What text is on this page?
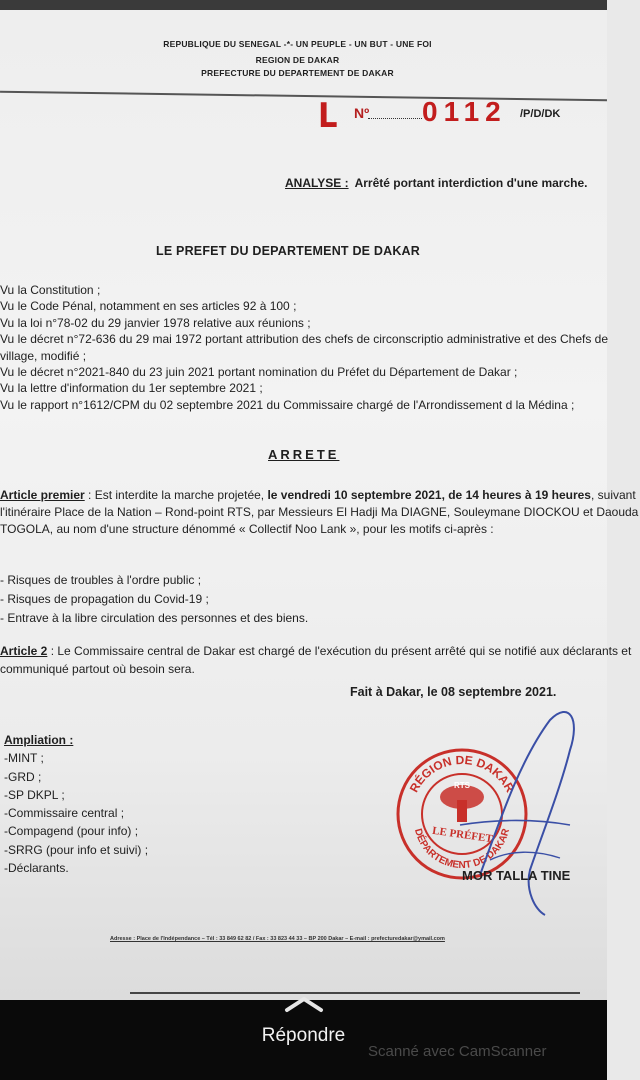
REPUBLIQUE DU SENEGAL -*- UN PEUPLE - UN BUT - UNE FOI
REGION DE DAKAR
PREFECTURE DU DEPARTEMENT DE DAKAR
L Nº 0112 /P/D/DK
ANALYSE : Arrêté portant interdiction d'une marche.
LE PREFET DU DEPARTEMENT DE DAKAR
Vu la Constitution ;
Vu le Code Pénal, notamment en ses articles 92 à 100 ;
Vu la loi n°78-02 du 29 janvier 1978 relative aux réunions ;
Vu le décret n°72-636 du 29 mai 1972 portant attribution des chefs de circonscriptio administrative et des Chefs de village, modifié ;
Vu le décret n°2021-840 du 23 juin 2021 portant nomination du Préfet du Département de Dakar ;
Vu la lettre d'information du 1er septembre 2021 ;
Vu le rapport n°1612/CPM du 02 septembre 2021 du Commissaire chargé de l'Arrondissement d la Médina ;
ARRETE
Article premier : Est interdite la marche projetée, le vendredi 10 septembre 2021, de 14 heures à 19 heures, suivant l'itinéraire Place de la Nation – Rond-point RTS, par Messieurs El Hadji Ma DIAGNE, Souleymane DIOCKOU et Daouda TOGOLA, au nom d'une structure dénommé « Collectif Noo Lank », pour les motifs ci-après :
- Risques de troubles à l'ordre public ;
- Risques de propagation du Covid-19 ;
- Entrave à la libre circulation des personnes et des biens.
Article 2 : Le Commissaire central de Dakar est chargé de l'exécution du présent arrêté qui se notifié aux déclarants et communiqué partout où besoin sera.
Fait à Dakar, le 08 septembre 2021.
Ampliation :
-MINT ;
-GRD ;
-SP DKPL ;
-Commissaire central ;
-Compagend (pour info) ;
-SRRG (pour info et suivi) ;
-Déclarants.
RÉGION DE DAKAR
DÉPARTEMENT DE DAKAR
RTS
LE PRÉFET
MOR TALLA TINE
Adresse : Place de l'Indépendance – Tél : 33 849 62 82 / Fax : 33 823 44 33 – BP 200 Dakar – E-mail : prefecturedakar@ymail.com
Répondre
Scanné avec CamScanner
